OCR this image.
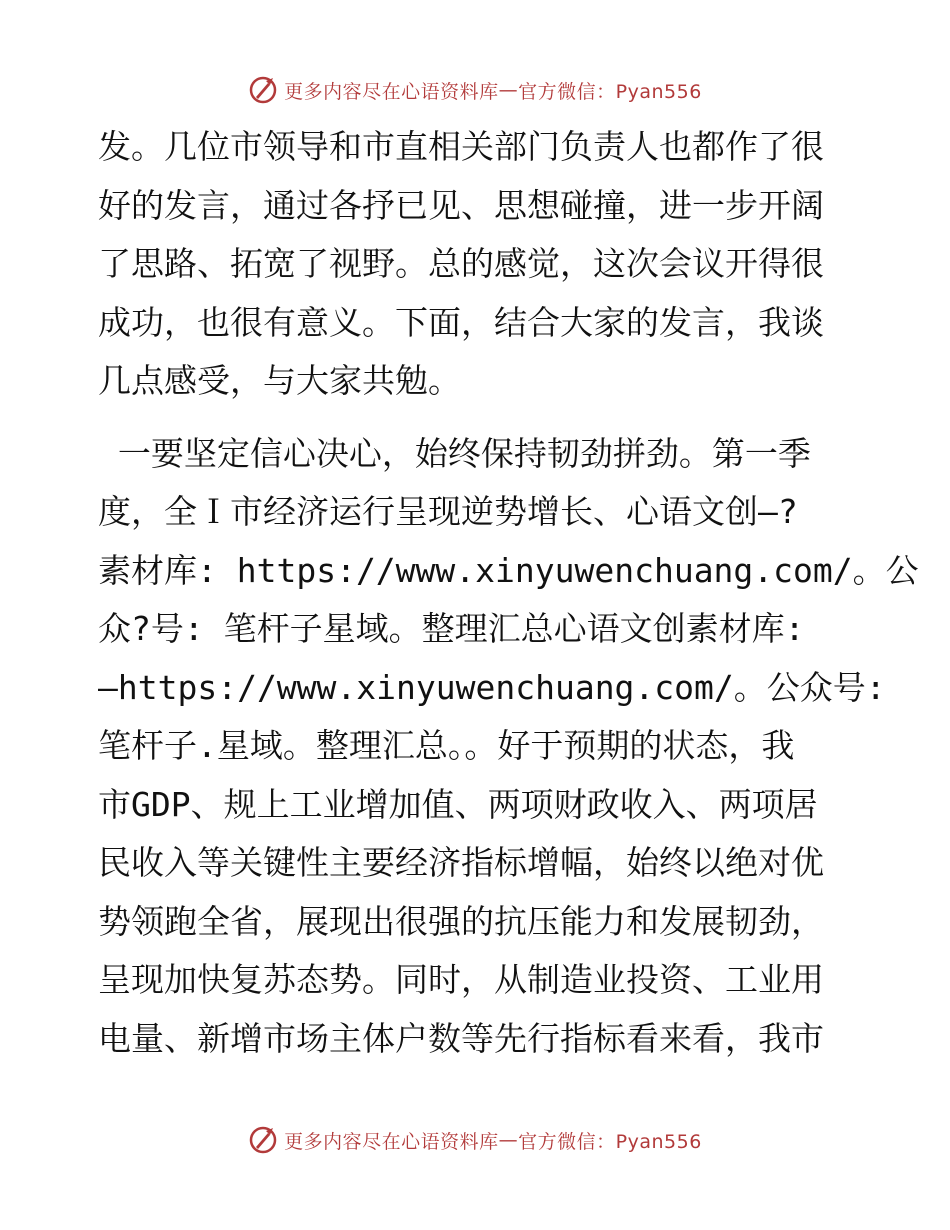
更多内容尽在心语资料库 — 官方微信：Pyan556
发。几位市领导和市直相关部门负责人也都作了很
好的发言，通过各抒已见、思想碰撞，进一步开阔
了思路、拓宽了视野。总的感觉，这次会议开得很
成功，也很有意义。下面，结合大家的发言，我谈
几点感受，与大家共勉。
一要坚定信心决心，始终保持韧劲拼劲。第一季
度，全Ｉ市经济运行呈现逆势增长、心语文创—?
素材库: https://www.xinyuwenchuang.com/。公
众?号: 笔杆子星域。整理汇总心语文创素材库:
—https://www.xinyuwenchuang.com/。公众号:
笔杆子.星域。整理汇总。。好于预期的状态，我
市GDP、规上工业增加值、两项财政收入、两项居
民收入等关键性主要经济指标增幅，始终以绝对优
势领跑全省，展现出很强的抗压能力和发展韧劲，
呈现加快复苏态势。同时，从制造业投资、工业用
电量、新增市场主体户数等先行指标看来看，我市
更多内容尽在心语资料库 — 官方微信：Pyan556
